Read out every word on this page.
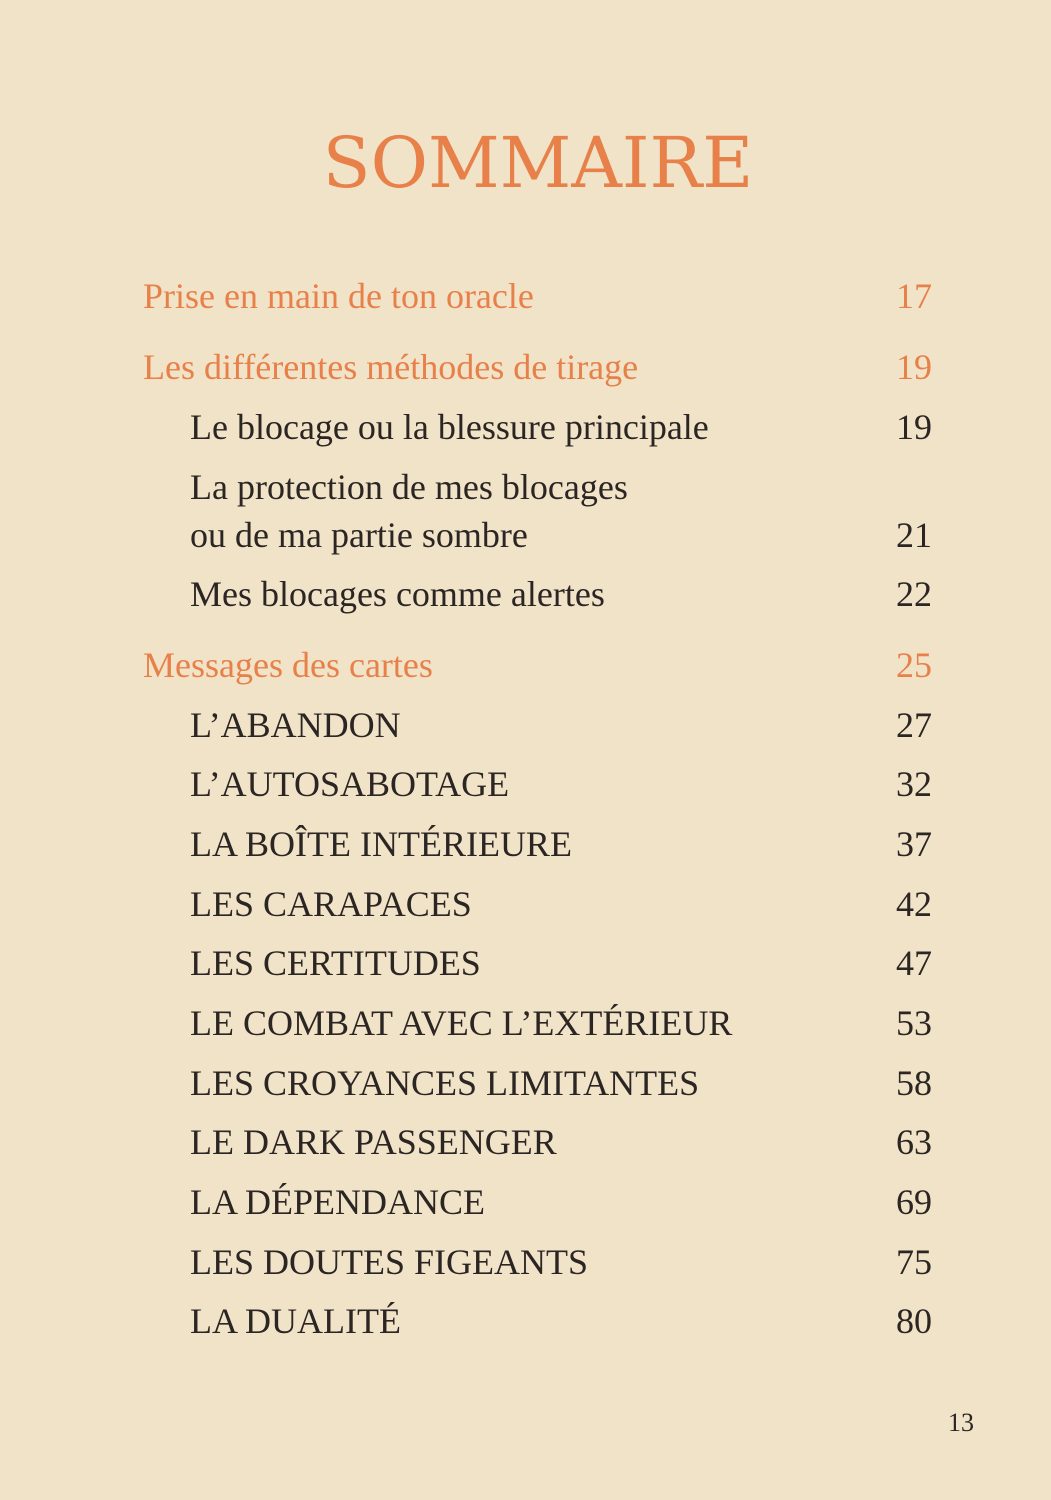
SOMMAIRE
Prise en main de ton oracle	17
Les différentes méthodes de tirage	19
Le blocage ou la blessure principale	19
La protection de mes blocages
ou de ma partie sombre	21
Mes blocages comme alertes	22
Messages des cartes	25
L’ABANDON	27
L’AUTOSABOTAGE	32
LA BOÎTE INTÉRIEURE	37
LES CARAPACES	42
LES CERTITUDES	47
LE COMBAT AVEC L’EXTÉRIEUR	53
LES CROYANCES LIMITANTES	58
LE DARK PASSENGER	63
LA DÉPENDANCE	69
LES DOUTES FIGEANTS	75
LA DUALITÉ	80
13
